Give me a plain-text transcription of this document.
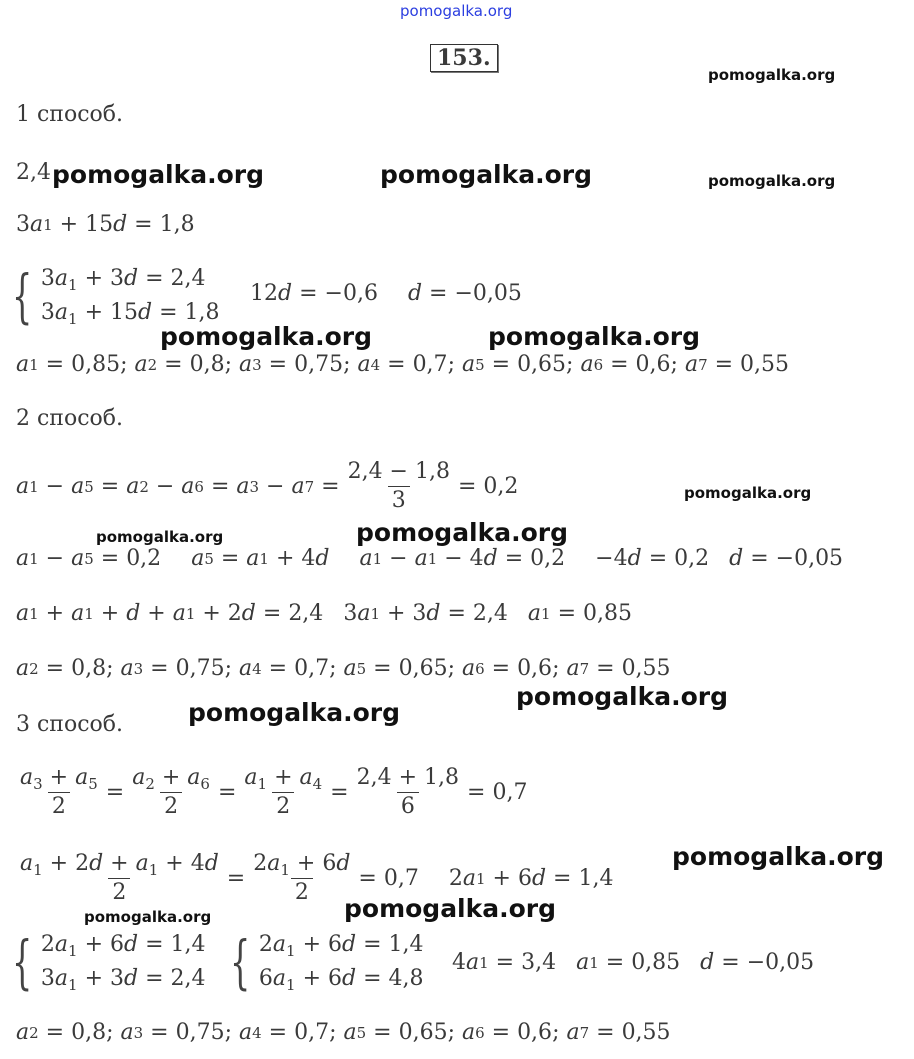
pomogalka.org
153.
pomogalka.org
pomogalka.org	pomogalka.org	pomogalka.org
pomogalka.org	pomogalka.org
pomogalka.org
pomogalka.org	pomogalka.org
pomogalka.org
pomogalka.org
pomogalka.org
pomogalka.org	pomogalka.org
1 способ.
2,4
3 a 1 + 15 d = 1,8
{ $3a_1 + 3d = 2,4$
$3a_1 + 15d = 1,8$
12 d = −0,6 d = −0,05
a 1 = 0,85 ; a 2 = 0,8 ; a 3 = 0,75 ; a 4 = 0,7 ; a 5 = 0,65 ; a 6 = 0,6 ; a 7 = 0,55
2 способ.
a 1 − a 5 = a 2 − a 6 = a 3 − a $7 = \frac{2,4 - 1,8}{3} = 0,2$
a 1 − a 5 = 0,2 a 5 = a 1 + 4 d a 1 − a 1 − 4 d = 0,2 −4 d = 0,2 d = −0,05
a 1 + a 1 + d + a 1 + 2 d = 2,4 3 a 1 + 3 d = 2,4 a 1 = 0,85
a 2 = 0,8 ; a 3 = 0,75 ; a 4 = 0,7 ; a 5 = 0,65 ; a 6 = 0,6 ; a 7 = 0,55
3 способ.
$\frac{a_3 + a_5}{2} = \frac{a_2 + a_6}{2} = \frac{a_1 + a_4}{2} = \frac{2,4 + 1,8}{6} = 0,7$
$\frac{a_1 + 2d + a_1 + 4d}{2} = \frac{2a_1 + 6d}{2} = 0,7$ 2 a 1 + 6 d = 1,4
{ $2a_1 + 6d = 1,4$
$3a_1 + 3d = 2,4$ { $2a_1 + 6d = 1,4$
$6a_1 + 6d = 4,8$
4 a 1 = 3,4 a 1 = 0,85 d = −0,05
a 2 = 0,8 ; a 3 = 0,75 ; a 4 = 0,7 ; a 5 = 0,65 ; a 6 = 0,6 ; a 7 = 0,55
